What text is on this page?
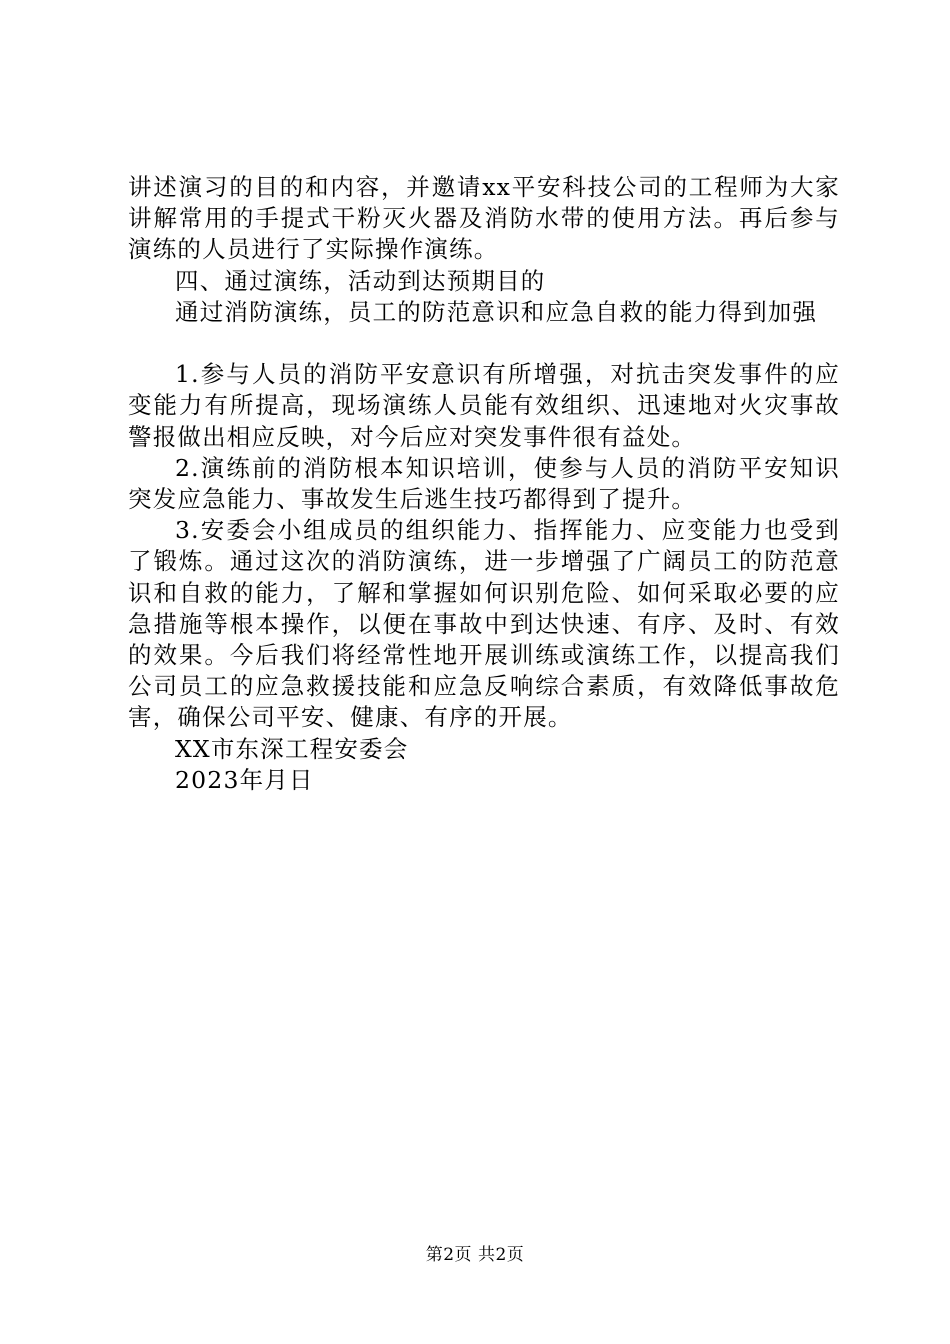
讲述演习的目的和内容，并邀请xx平安科技公司的工程师为大家讲解常用的手提式干粉灭火器及消防水带的使用方法。再后参与演练的人员进行了实际操作演练。

四、通过演练，活动到达预期目的

通过消防演练，员工的防范意识和应急自救的能力得到加强

1.参与人员的消防平安意识有所增强，对抗击突发事件的应变能力有所提高，现场演练人员能有效组织、迅速地对火灾事故警报做出相应反映，对今后应对突发事件很有益处。

2.演练前的消防根本知识培训，使参与人员的消防平安知识突发应急能力、事故发生后逃生技巧都得到了提升。

3.安委会小组成员的组织能力、指挥能力、应变能力也受到了锻炼。通过这次的消防演练，进一步增强了广阔员工的防范意识和自救的能力，了解和掌握如何识别危险、如何采取必要的应急措施等根本操作，以便在事故中到达快速、有序、及时、有效的效果。今后我们将经常性地开展训练或演练工作，以提高我们公司员工的应急救援技能和应急反响综合素质，有效降低事故危害，确保公司平安、健康、有序的开展。

XX市东深工程安委会

2023年月日

第2页 共2页
